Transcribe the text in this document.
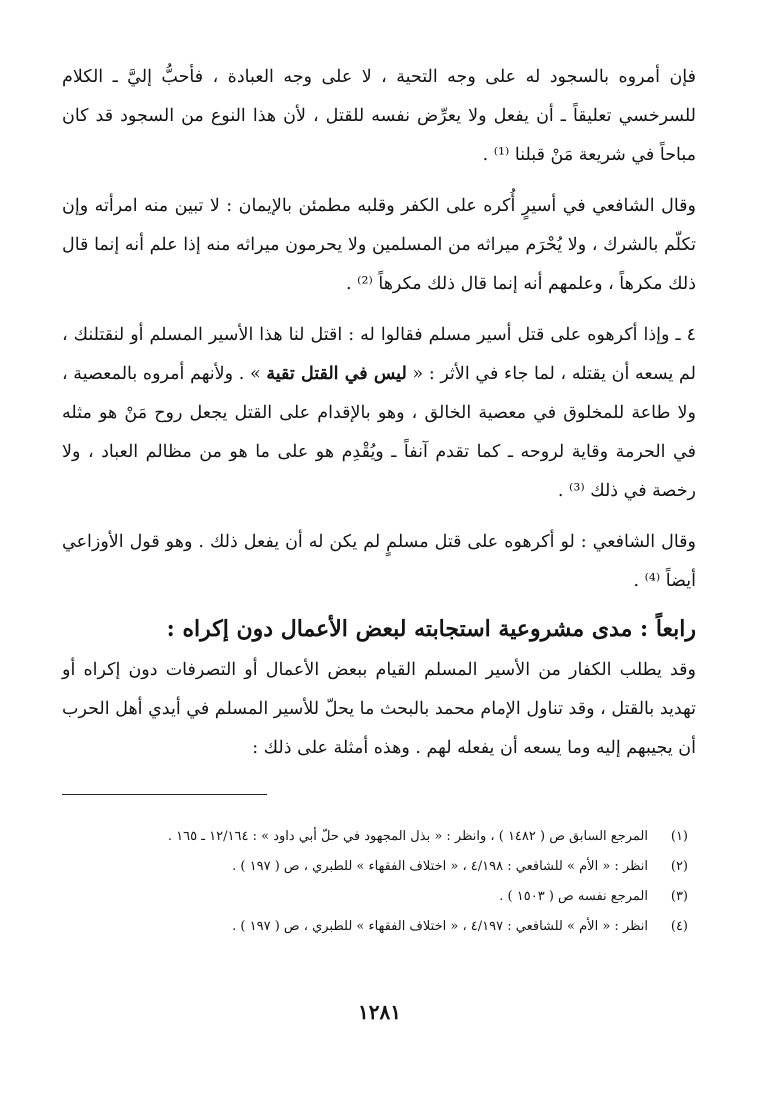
فإن أمروه بالسجود له على وجه التحية ، لا على وجه العبادة ، فأحبُّ إليَّ ـ الكلام للسرخسي تعليقاً ـ أن يفعل ولا يعرِّض نفسه للقتل ، لأن هذا النوع من السجود قد كان مباحاً في شريعة مَنْ قبلنا ⁽¹⁾ .

وقال الشافعي في أسيرٍ أُكره على الكفر وقلبه مطمئن بالإيمان : لا تبين منه امرأته وإن تكلّم بالشرك ، ولا يُحْرَم ميراثه من المسلمين ولا يحرمون ميراثه منه إذا علم أنه إنما قال ذلك مكرهاً ، وعلمهم أنه إنما قال ذلك مكرهاً ⁽²⁾ .

٤ ـ وإذا أكرهوه على قتل أسير مسلم فقالوا له : اقتل لنا هذا الأسير المسلم أو لنقتلنك ، لم يسعه أن يقتله ، لما جاء في الأثر : « ليس في القتل تقية » . ولأنهم أمروه بالمعصية ، ولا طاعة للمخلوق في معصية الخالق ، وهو بالإقدام على القتل يجعل روح مَنْ هو مثله في الحرمة وقاية لروحه ـ كما تقدم آنفاً ـ ويُقْدِم هو على ما هو من مظالم العباد ، ولا رخصة في ذلك ⁽³⁾ .

وقال الشافعي : لو أكرهوه على قتل مسلمٍ لم يكن له أن يفعل ذلك . وهو قول الأوزاعي أيضاً ⁽⁴⁾ .

رابعاً : مدى مشروعية استجابته لبعض الأعمال دون إكراه :

وقد يطلب الكفار من الأسير المسلم القيام ببعض الأعمال أو التصرفات دون إكراه أو تهديد بالقتل ، وقد تناول الإمام محمد بالبحث ما يحلّ للأسير المسلم في أيدي أهل الحرب أن يجيبهم إليه وما يسعه أن يفعله لهم . وهذه أمثلة على ذلك :

(١)
المرجع السابق ص ( ١٤٨٢ ) ، وانظر : « بذل المجهود في حلّ أبي داود » : ١٢/١٦٤ ـ ١٦٥ .
(٢)
انظر : « الأم » للشافعي : ٤/١٩٨ ، « اختلاف الفقهاء » للطبري ، ص ( ١٩٧ ) .
(٣)
المرجع نفسه ص ( ١٥٠٣ ) .
(٤)
انظر : « الأم » للشافعي : ٤/١٩٧ ، « اختلاف الفقهاء » للطبري ، ص ( ١٩٧ ) .
١٢٨١
